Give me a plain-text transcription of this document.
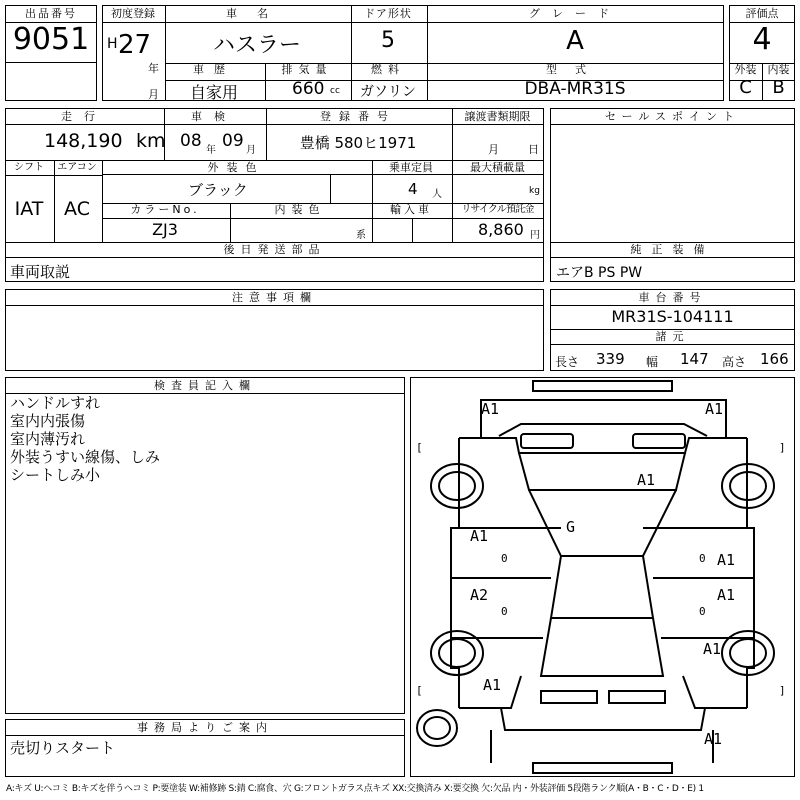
出品番号
9051
初度登録
H 27
年
月
車名
ハスラー
ドア形状
5
グレード
A
車歴
自家用
排気量
660 cc
燃料
ガソリン
型式
DBA-MR31S
評価点
4
外装	内装
C	B
走行
148,190 km
車検
08 年 09 月
登録番号
豊橋 580ヒ1971
譲渡書類期限
月	日
シフト	エアコン
IAT	AC
外装色
ブラック
乗車定員
4 人
最大積載量
kg
カラーNo.
ZJ3
内装色
系
輸入車	リサイクル預託金
8,860 円
後日発送部品
車両取説
セールスポイント
純正装備
エアB PS PW
車台番号
MR31S-104111
諸元
長さ 339 幅 147 高さ 166
注意事項欄
検査員記入欄
ハンドルすれ
室内内張傷
室内薄汚れ
外装うすい線傷、しみ
シートしみ小
事務局よりご案内
売切りスタート
[	]
[	]
0	0
0	0
A1	A1
A1
G
A1
A1
A2	A1
A1
A1
A1
A:キズ U:ヘコミ B:キズを伴うヘコミ P:要塗装 W:補修跡 S:錆 C:腐食、穴 G:フロントガラス点キズ XX:交換済み X:要交換 欠:欠品 内・外装評価 5段階ランク順(A・B・C・D・E) 1
